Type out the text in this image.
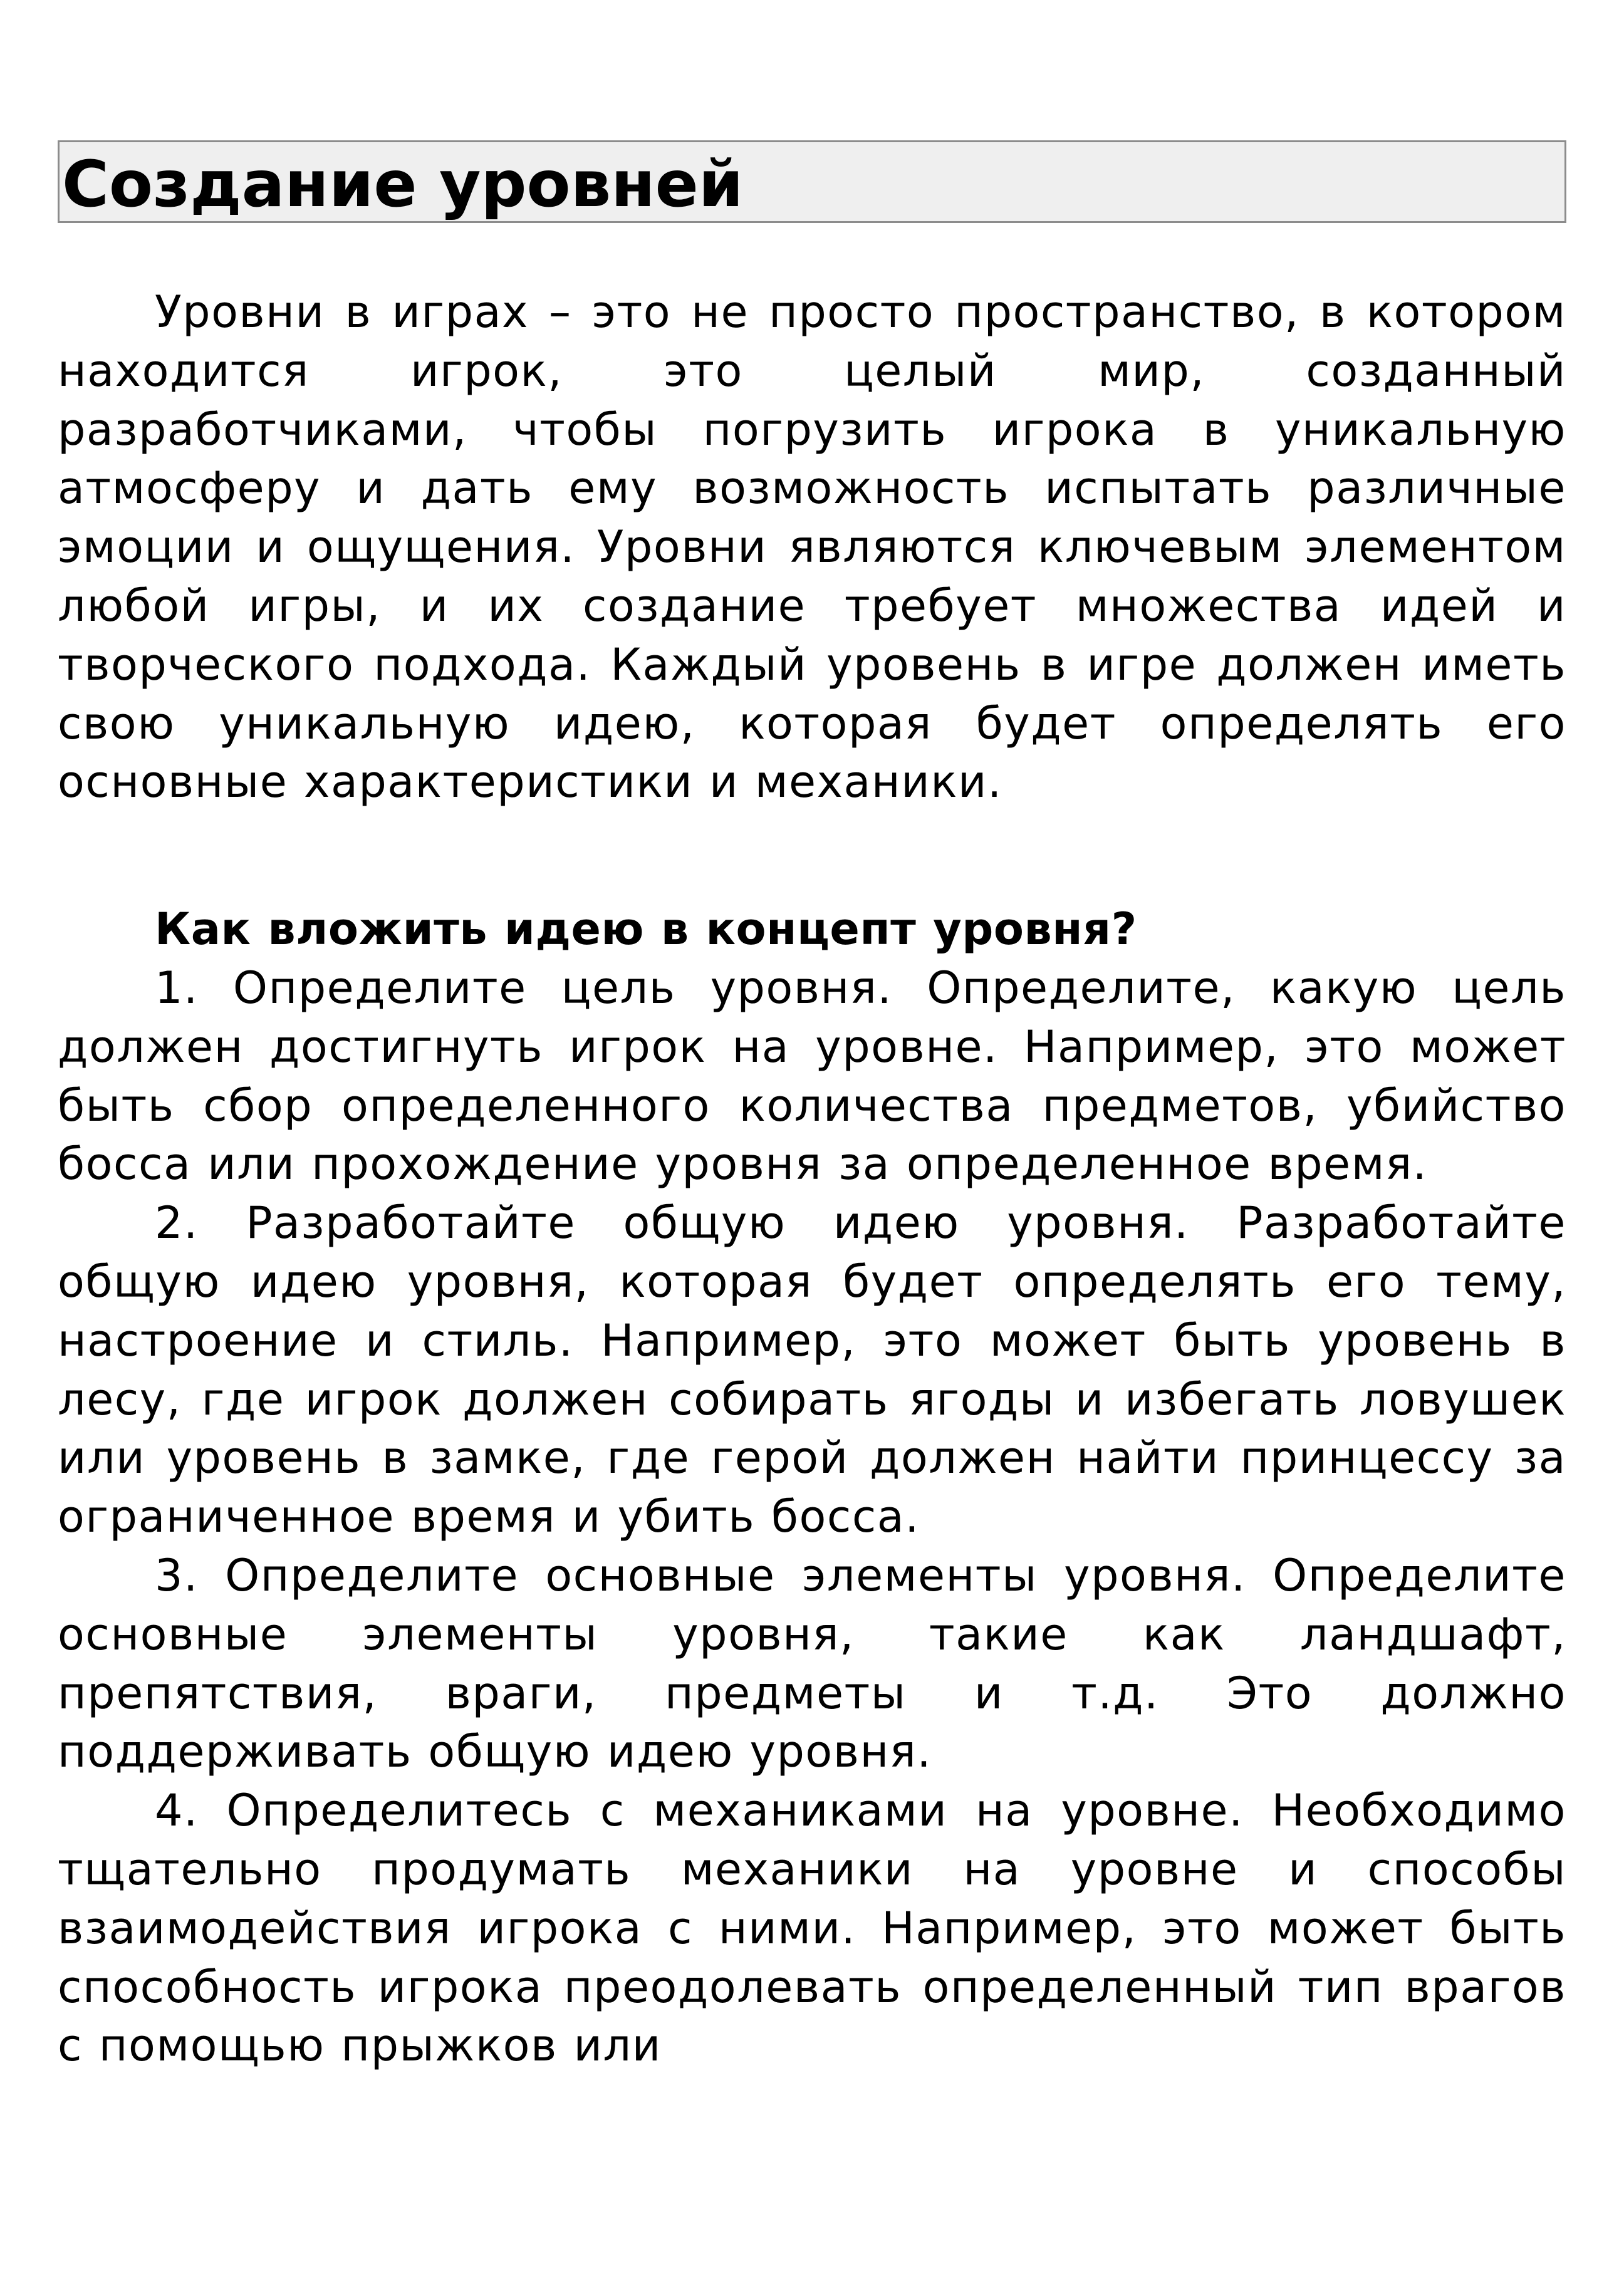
Создание уровней

Уровни в играх – это не просто пространство, в котором находится игрок, это целый мир, созданный разработчиками, чтобы погрузить игрока в уникальную атмосферу и дать ему возможность испытать различные эмоции и ощущения. Уровни являются ключевым элементом любой игры, и их создание требует множества идей и творческого подхода. Каждый уровень в игре должен иметь свою уникальную идею, которая будет определять его основные характеристики и механики.

Как вложить идею в концепт уровня?

1. Определите цель уровня. Определите, какую цель должен достигнуть игрок на уровне. Например, это может быть сбор определенного количества предметов, убийство босса или прохождение уровня за определенное время.

2. Разработайте общую идею уровня. Разработайте общую идею уровня, которая будет определять его тему, настроение и стиль. Например, это может быть уровень в лесу, где игрок должен собирать ягоды и избегать ловушек или уровень в замке, где герой должен найти принцессу за ограниченное время и убить босса.

3. Определите основные элементы уровня. Определите основные элементы уровня, такие как ландшафт, препятствия, враги, предметы и т.д. Это должно поддерживать общую идею уровня.

4. Определитесь с механиками на уровне. Необходимо тщательно продумать механики на уровне и способы взаимодействия игрока с ними. Например, это может быть способность игрока преодолевать определенный тип врагов с помощью прыжков или
